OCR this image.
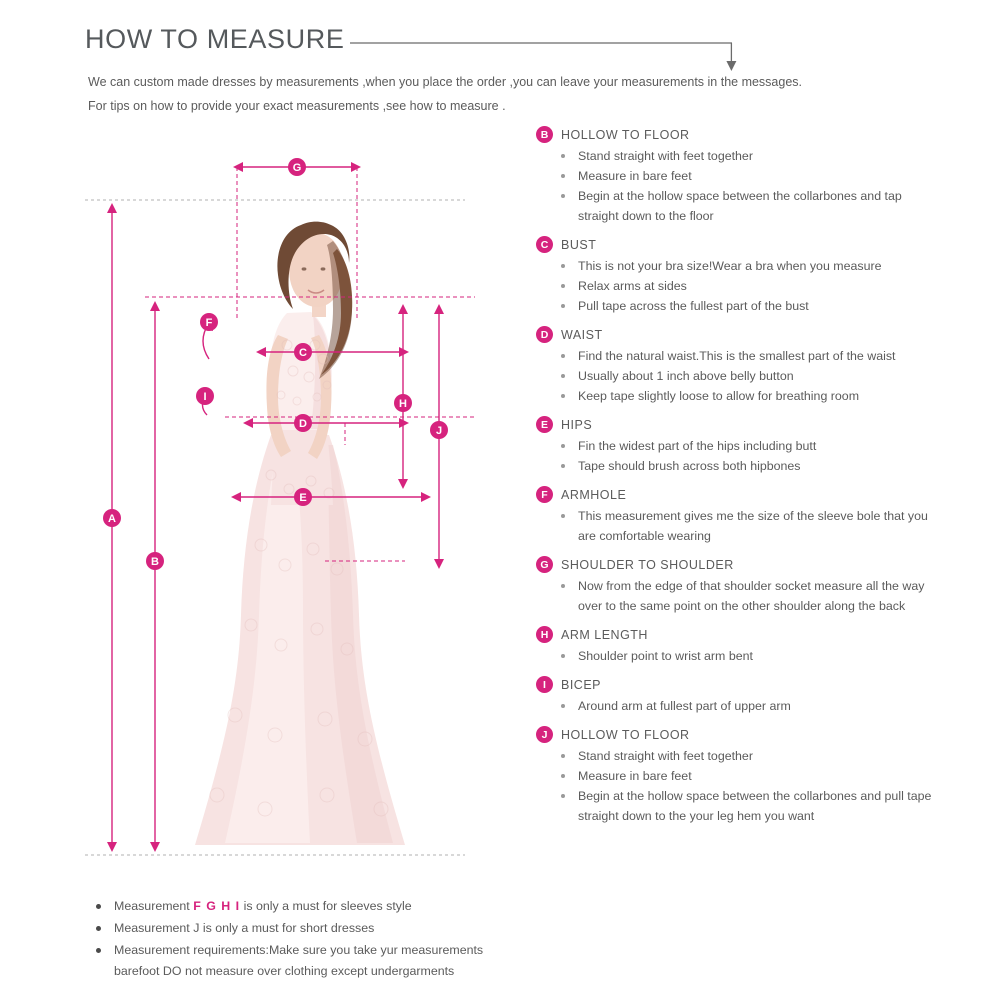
HOW TO MEASURE

We can custom made dresses by measurements ,when you place the order ,you can leave your measurements in the messages.

For tips on how to provide your exact measurements ,see how to measure .

G
A
B
C
D
E
F
I
H
J
B	HOLLOW TO FLOOR
Stand straight with feet together
Measure in bare feet
Begin at the hollow space between the collarbones and tap straight down to the floor
C	BUST
This is not your bra size!Wear a bra when you measure
Relax arms at sides
Pull tape across the fullest part of the bust
D	WAIST
Find the natural waist.This is the smallest part of the waist
Usually about 1 inch above belly button
Keep tape slightly loose to allow for breathing room
E	HIPS
Fin the widest part of the hips including butt
Tape should brush across both hipbones
F	ARMHOLE
This measurement gives me the size of the sleeve bole that you are comfortable wearing
G SHOULDER TO SHOULDER
Now from the edge of that shoulder socket measure all the way over to the same point on the other shoulder along the back
H	ARM LENGTH
Shoulder point to wrist arm bent
I	BICEP
Around arm at fullest part of upper arm
J	HOLLOW TO FLOOR
Stand straight with feet together
Measure in bare feet
Begin at the hollow space between the collarbones and pull tape straight down to the your leg hem you want
Measurement F G H I is only a must for sleeves style
Measurement J is only a must for short dresses
Measurement requirements:Make sure you take yur measurements barefoot DO not measure over clothing except undergarments
